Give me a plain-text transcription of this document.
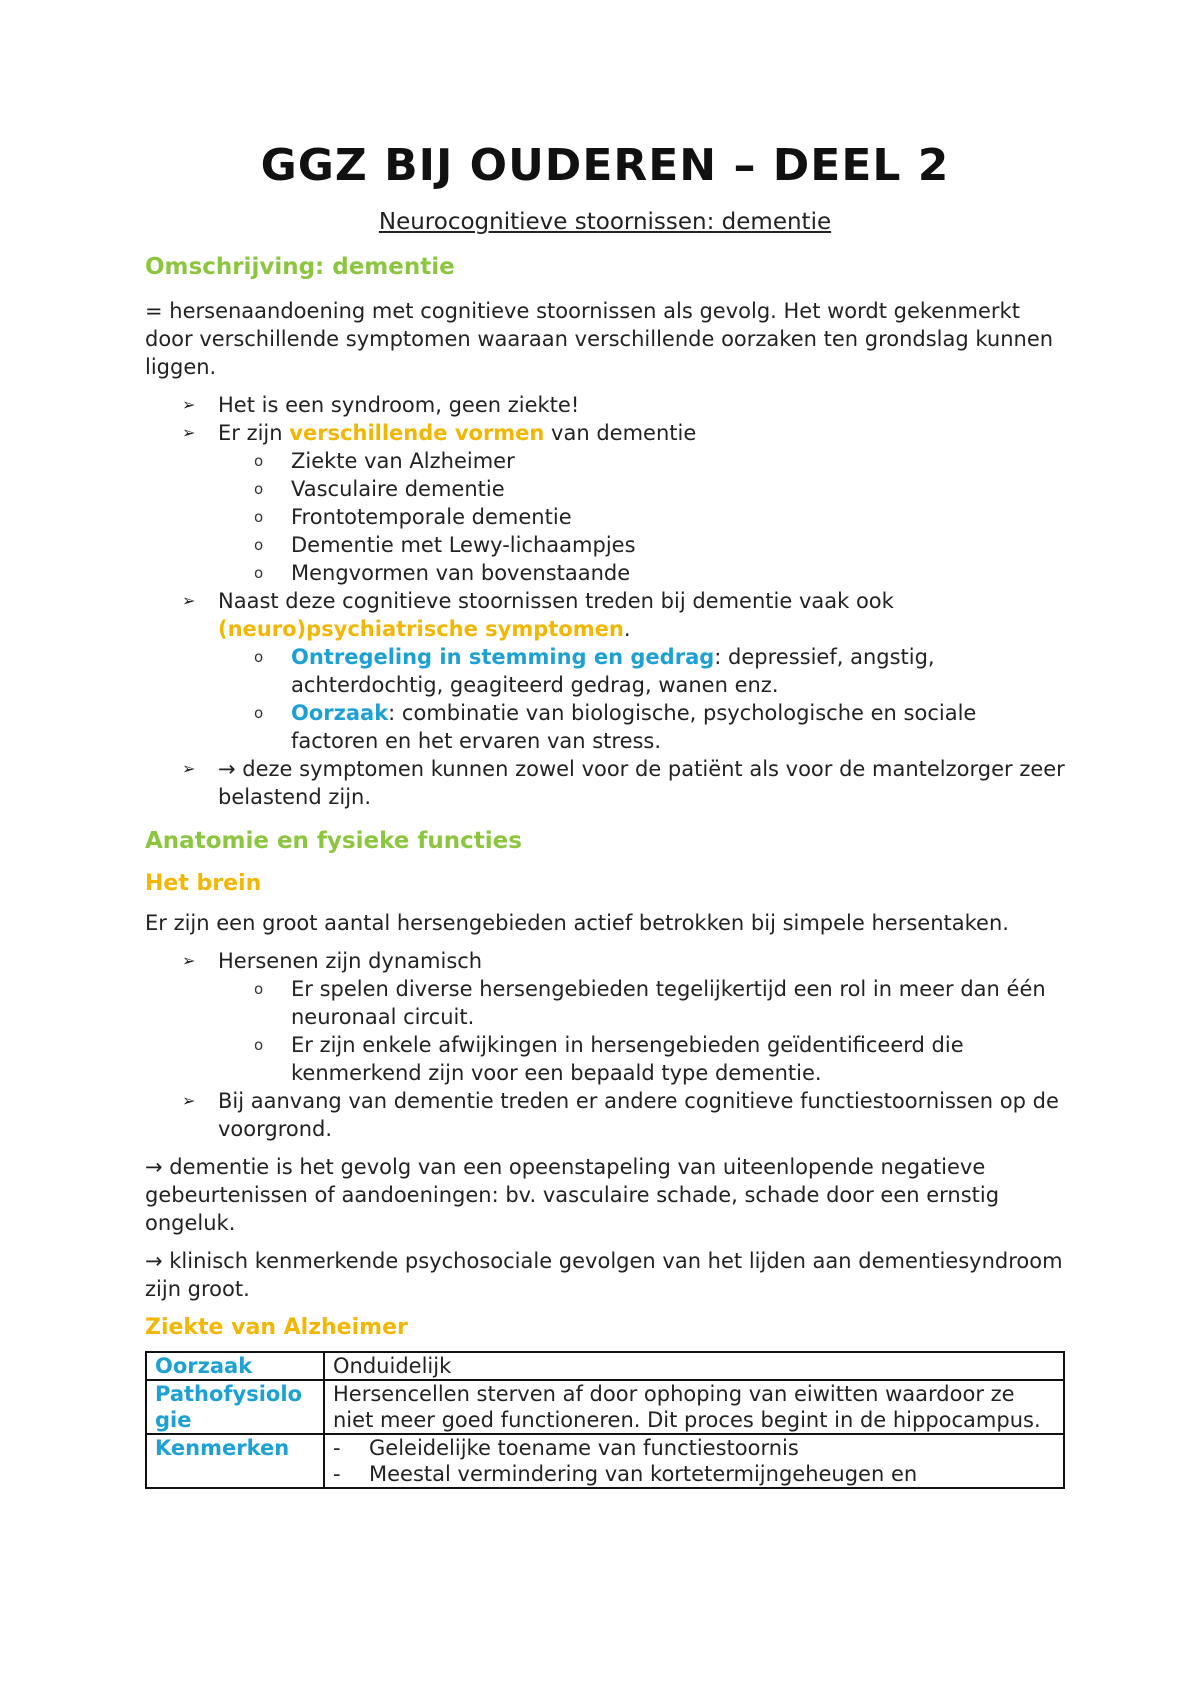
GGZ BIJ OUDEREN – DEEL 2
Neurocognitieve stoornissen: dementie
Omschrijving: dementie

= hersenaandoening met cognitieve stoornissen als gevolg. Het wordt gekenmerkt door verschillende symptomen waaraan verschillende oorzaken ten grondslag kunnen liggen.

➢ Het is een syndroom, geen ziekte!
➢ Er zijn verschillende vormen van dementie
o Ziekte van Alzheimer
o Vasculaire dementie
o Frontotemporale dementie
o Dementie met Lewy-lichaampjes
o Mengvormen van bovenstaande
➢ Naast deze cognitieve stoornissen treden bij dementie vaak ook (neuro)psychiatrische symptomen.
o Ontregeling in stemming en gedrag: depressief, angstig, achterdochtig, geagiteerd gedrag, wanen enz.
o Oorzaak: combinatie van biologische, psychologische en sociale factoren en het ervaren van stress.
➢ → deze symptomen kunnen zowel voor de patiënt als voor de mantelzorger zeer belastend zijn.
Anatomie en fysieke functies
Het brein

Er zijn een groot aantal hersengebieden actief betrokken bij simpele hersentaken.

➢ Hersenen zijn dynamisch
o Er spelen diverse hersengebieden tegelijkertijd een rol in meer dan één neuronaal circuit.
o Er zijn enkele afwijkingen in hersengebieden geïdentificeerd die kenmerkend zijn voor een bepaald type dementie.
➢ Bij aanvang van dementie treden er andere cognitieve functiestoornissen op de voorgrond.

→ dementie is het gevolg van een opeenstapeling van uiteenlopende negatieve gebeurtenissen of aandoeningen: bv. vasculaire schade, schade door een ernstig ongeluk.

→ klinisch kenmerkende psychosociale gevolgen van het lijden aan dementiesyndroom zijn groot.

Ziekte van Alzheimer
Oorzaak	Onduidelijk
Pathofysiologie	Hersencellen sterven af door ophoping van eiwitten waardoor ze niet meer goed functioneren. Dit proces begint in de hippocampus.
Kenmerken	- Geleidelijke toename van functiestoornis
- Meestal vermindering van kortetermijngeheugen en
